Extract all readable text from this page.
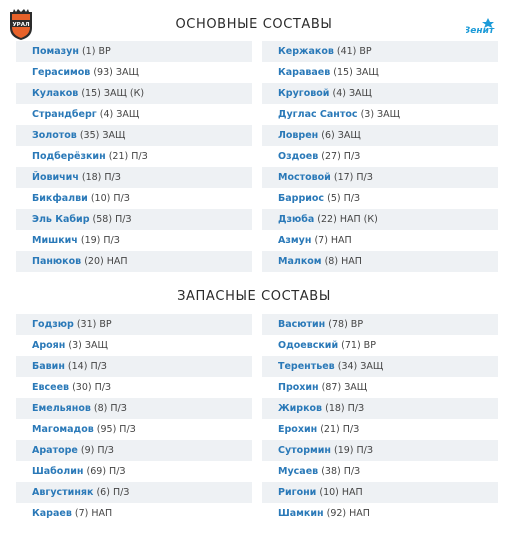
УРАЛ
Зенит
ОСНОВНЫЕ СОСТАВЫ
Помазун (1) ВР
Герасимов (93) ЗАЩ
Кулаков (15) ЗАЩ (К)
Страндберг (4) ЗАЩ
Золотов (35) ЗАЩ
Подберёзкин (21) П/З
Йовичич (18) П/З
Бикфалви (10) П/З
Эль Кабир (58) П/З
Мишкич (19) П/З
Панюков (20) НАП
Кержаков (41) ВР
Караваев (15) ЗАЩ
Круговой (4) ЗАЩ
Дуглас Сантос (3) ЗАЩ
Ловрен (6) ЗАЩ
Оздоев (27) П/З
Мостовой (17) П/З
Барриос (5) П/З
Дзюба (22) НАП (К)
Азмун (7) НАП
Малком (8) НАП
ЗАПАСНЫЕ СОСТАВЫ
Годзюр (31) ВР
Ароян (3) ЗАЩ
Бавин (14) П/З
Евсеев (30) П/З
Емельянов (8) П/З
Магомадов (95) П/З
Араторе (9) П/З
Шаболин (69) П/З
Августиняк (6) П/З
Караев (7) НАП
Васютин (78) ВР
Одоевский (71) ВР
Терентьев (34) ЗАЩ
Прохин (87) ЗАЩ
Жирков (18) П/З
Ерохин (21) П/З
Сутормин (19) П/З
Мусаев (38) П/З
Ригони (10) НАП
Шамкин (92) НАП
